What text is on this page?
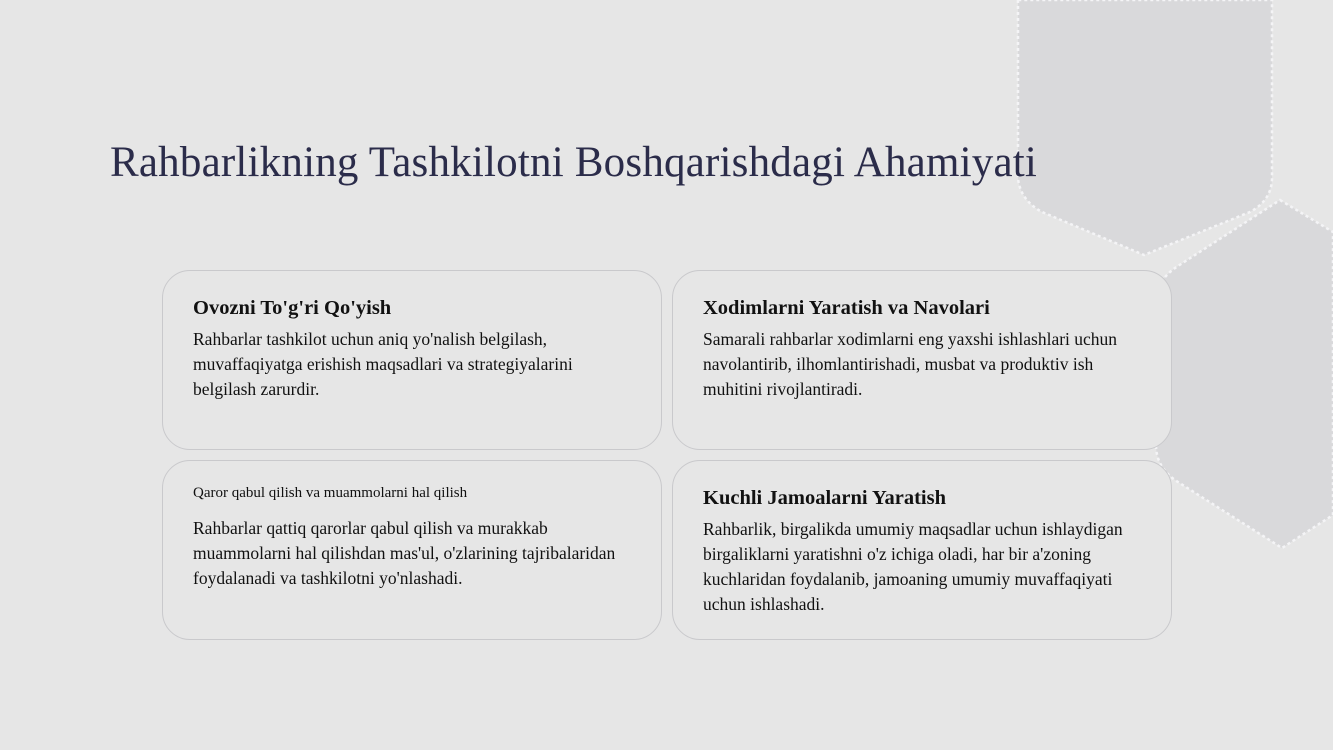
Rahbarlikning Tashkilotni Boshqarishdagi Ahamiyati
Ovozni To'g'ri Qo'yish

Rahbarlar tashkilot uchun aniq yo'nalish belgilash, muvaffaqiyatga erishish maqsadlari va strategiyalarini belgilash zarurdir.

Xodimlarni Yaratish va Navolari

Samarali rahbarlar xodimlarni eng yaxshi ishlashlari uchun navolantirib, ilhomlantirishadi, musbat va produktiv ish muhitini rivojlantiradi.

Qaror qabul qilish va muammolarni hal qilish

Rahbarlar qattiq qarorlar qabul qilish va murakkab muammolarni hal qilishdan mas'ul, o'zlarining tajribalaridan foydalanadi va tashkilotni yo'nlashadi.

Kuchli Jamoalarni Yaratish

Rahbarlik, birgalikda umumiy maqsadlar uchun ishlaydigan birgaliklarni yaratishni o'z ichiga oladi, har bir a'zoning kuchlaridan foydalanib, jamoaning umumiy muvaffaqiyati uchun ishlashadi.
